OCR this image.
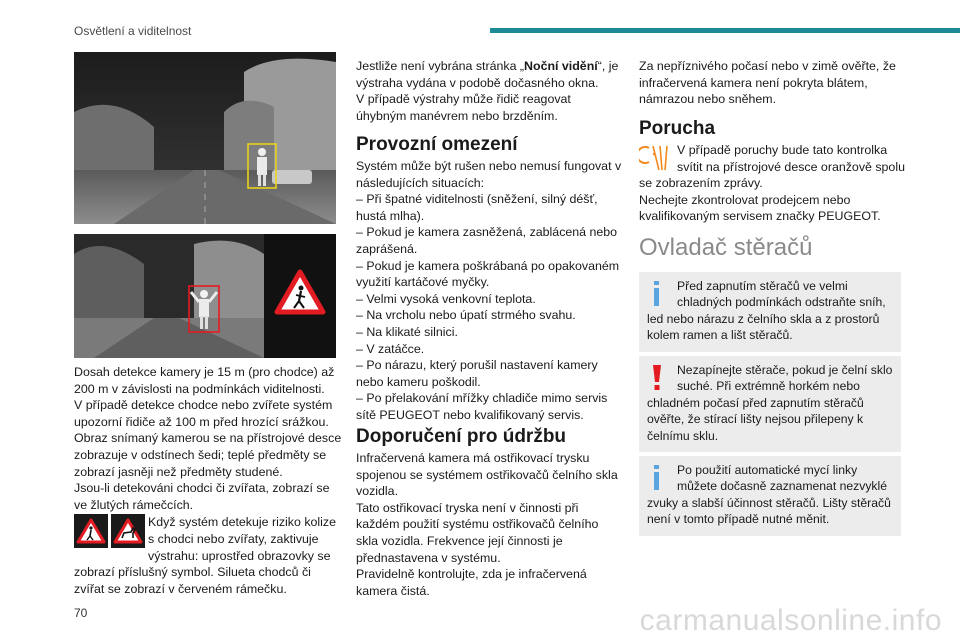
Osvětlení a viditelnost

Dosah detekce kamery je 15 m (pro chodce) až 200 m v závislosti na podmínkách viditelnosti.

V případě detekce chodce nebo zvířete systém upozorní řidiče až 100 m před hrozící srážkou.

Obraz snímaný kamerou se na přístrojové desce zobrazuje v odstínech šedi; teplé předměty se zobrazí jasněji než předměty studené.

Jsou-li detekováni chodci či zvířata, zobrazí se ve žlutých rámečcích.

Když systém detekuje riziko kolize s chodci nebo zvířaty, zaktivuje výstrahu: uprostřed obrazovky se zobrazí příslušný symbol. Silueta chodců či zvířat se zobrazí v červeném rámečku.

Jestliže není vybrána stránka „Noční vidění“, je výstraha vydána v podobě dočasného okna.

V případě výstrahy může řidič reagovat úhybným manévrem nebo brzděním.

Provozní omezení

Systém může být rušen nebo nemusí fungovat v následujících situacích:

– Při špatné viditelnosti (sněžení, silný déšť, hustá mlha).

– Pokud je kamera zasněžená, zablácená nebo zaprášená.

– Pokud je kamera poškrábaná po opakovaném využití kartáčové myčky.

– Velmi vysoká venkovní teplota.

– Na vrcholu nebo úpatí strmého svahu.

– Na klikaté silnici.

– V zatáčce.

– Po nárazu, který porušil nastavení kamery nebo kameru poškodil.

– Po přelakování mřížky chladiče mimo servis sítě PEUGEOT nebo kvalifikovaný servis.

Doporučení pro údržbu

Infračervená kamera má ostřikovací trysku spojenou se systémem ostřikovačů čelního skla vozidla.

Tato ostřikovací tryska není v činnosti při každém použití systému ostřikovačů čelního skla vozidla. Frekvence její činnosti je přednastavena v systému.

Pravidelně kontrolujte, zda je infračervená kamera čistá.

Za nepříznivého počasí nebo v zimě ověřte, že infračervená kamera není pokryta blátem, námrazou nebo sněhem.

Porucha

V případě poruchy bude tato kontrolka svítit na přístrojové desce oranžově spolu se zobrazením zprávy.

Nechejte zkontrolovat prodejcem nebo kvalifikovaným servisem značky PEUGEOT.

Ovladač stěračů
Před zapnutím stěračů ve velmi chladných podmínkách odstraňte sníh, led nebo nárazu z čelního skla a z prostorů kolem ramen a lišt stěračů.
Nezapínejte stěrače, pokud je čelní sklo suché. Při extrémně horkém nebo chladném počasí před zapnutím stěračů ověřte, že stírací lišty nejsou přilepeny k čelnímu sklu.
Po použití automatické mycí linky můžete dočasně zaznamenat nezvyklé zvuky a slabší účinnost stěračů. Lišty stěračů není v tomto případě nutné měnit.
70	carmanualsonline.info
